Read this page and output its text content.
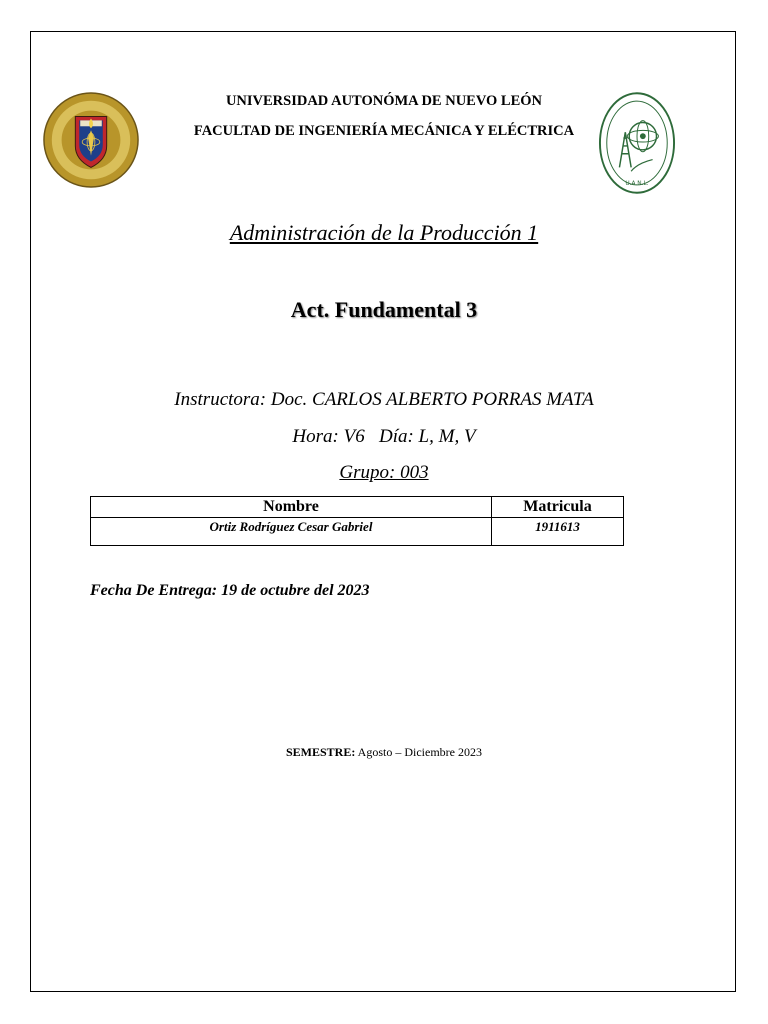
U.A.N.L.
UNIVERSIDAD AUTONÓMA DE NUEVO LEÓN
FACULTAD DE INGENIERÍA MECÁNICA Y ELÉCTRICA
Administración de la Producción 1
Act. Fundamental 3
Instructora: Doc. CARLOS ALBERTO PORRAS MATA
Hora: V6   Día: L, M, V
Grupo: 003
Nombre	Matricula
Ortiz Rodríguez Cesar Gabriel	1911613
Fecha De Entrega: 19 de octubre del 2023
SEMESTRE: Agosto – Diciembre 2023
